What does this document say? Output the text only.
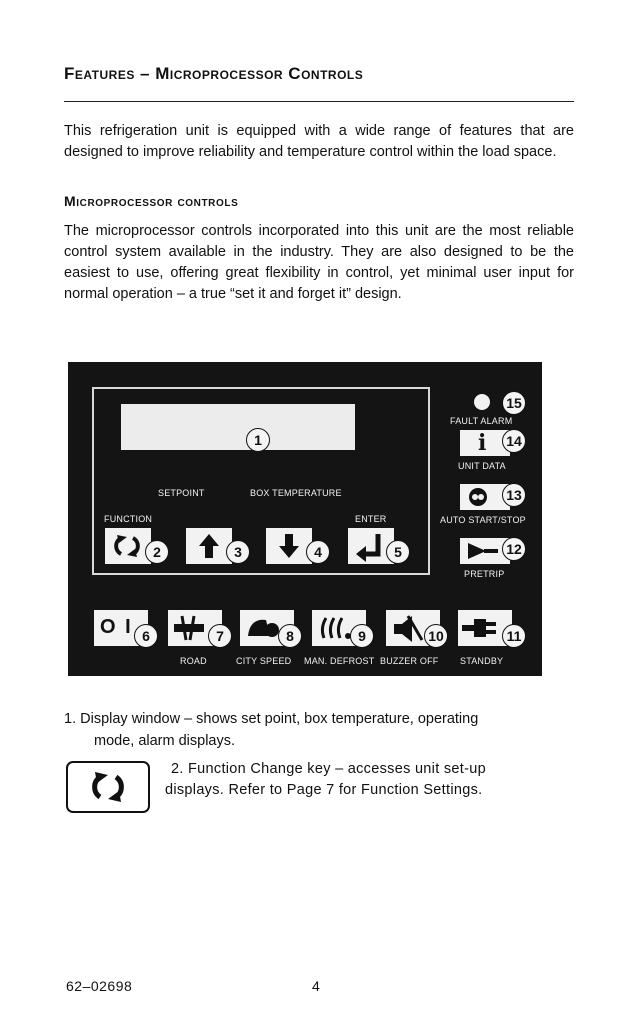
Features – Microprocessor Controls
This refrigeration unit is equipped with a wide range of features that are designed to improve reliability and temperature control within the load space.
Microprocessor controls
The microprocessor controls incorporated into this unit are the most reliable control system available in the industry. They are also designed to be the easiest to use, offering great flexibility in control, yet minimal user input for normal operation – a true “set it and forget it” design.
1
SETPOINT	BOX TEMPERATURE
FUNCTION	ENTER
2	3	4	5
15
FAULT ALARM
i	14
UNIT DATA
13
AUTO START/STOP
12
PRETRIP
O I 6	7
ROAD
8
CITY SPEED
9
MAN. DEFROST
10
BUZZER OFF
11
STANDBY
1. Display window – shows set point, box temperature, operating
mode, alarm displays.
2. Function Change key – accesses unit set-up
displays. Refer to Page 7 for Function Settings.
62–02698	4
